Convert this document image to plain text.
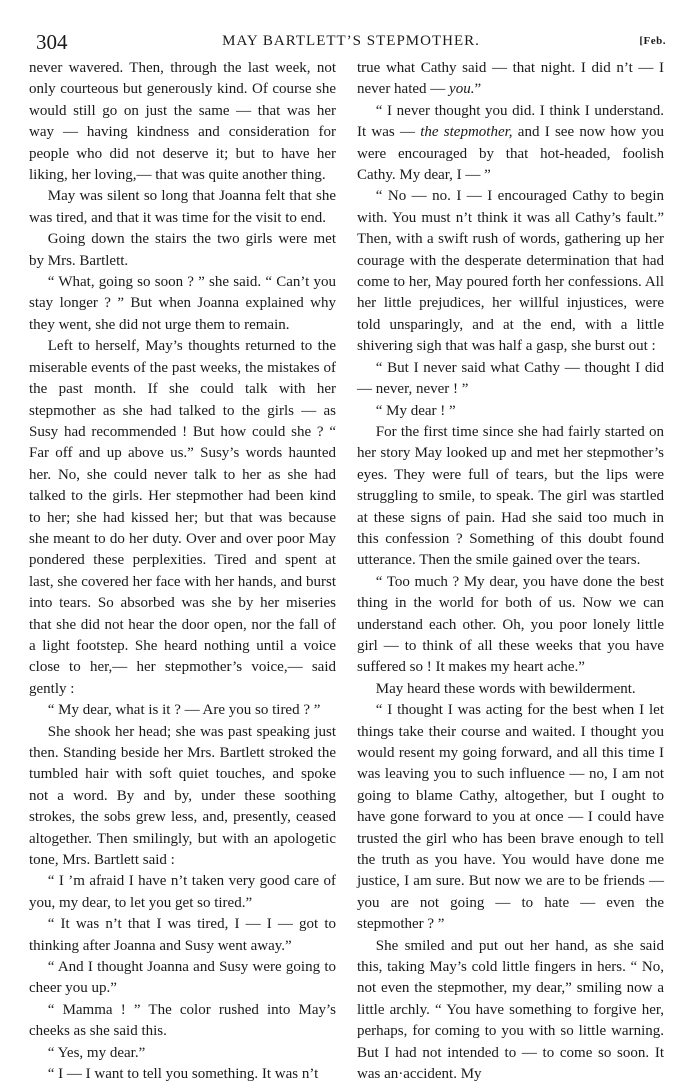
304	MAY BARTLETT’S STEPMOTHER.	[Feb.

never wavered. Then, through the last week, not only courteous but generously kind. Of course she would still go on just the same — that was her way — having kindness and consideration for people who did not deserve it; but to have her liking, her loving,— that was quite another thing.

May was silent so long that Joanna felt that she was tired, and that it was time for the visit to end.

Going down the stairs the two girls were met by Mrs. Bartlett.

“ What, going so soon ? ” she said. “ Can’t you stay longer ? ” But when Joanna explained why they went, she did not urge them to remain.

Left to herself, May’s thoughts returned to the miserable events of the past weeks, the mistakes of the past month. If she could talk with her stepmother as she had talked to the girls — as Susy had recommended ! But how could she ? “ Far off and up above us.” Susy’s words haunted her. No, she could never talk to her as she had talked to the girls. Her stepmother had been kind to her; she had kissed her; but that was because she meant to do her duty. Over and over poor May pondered these perplexities. Tired and spent at last, she covered her face with her hands, and burst into tears. So absorbed was she by her miseries that she did not hear the door open, nor the fall of a light footstep. She heard nothing until a voice close to her,— her stepmother’s voice,— said gently :

“ My dear, what is it ? — Are you so tired ? ”

She shook her head; she was past speaking just then. Standing beside her Mrs. Bartlett stroked the tumbled hair with soft quiet touches, and spoke not a word. By and by, under these soothing strokes, the sobs grew less, and, presently, ceased altogether. Then smilingly, but with an apologetic tone, Mrs. Bartlett said :

“ I ’m afraid I have n’t taken very good care of you, my dear, to let you get so tired.”

“ It was n’t that I was tired, I — I — got to thinking after Joanna and Susy went away.”

“ And I thought Joanna and Susy were going to cheer you up.”

“ Mamma ! ” The color rushed into May’s cheeks as she said this.

“ Yes, my dear.”

“ I — I want to tell you something. It was n’t

true what Cathy said — that night. I did n’t — I never hated — you.”

“ I never thought you did. I think I understand. It was — the stepmother, and I see now how you were encouraged by that hot-headed, foolish Cathy. My dear, I — ”

“ No — no. I — I encouraged Cathy to begin with. You must n’t think it was all Cathy’s fault.” Then, with a swift rush of words, gathering up her courage with the desperate determination that had come to her, May poured forth her confessions. All her little prejudices, her willful injustices, were told unsparingly, and at the end, with a little shivering sigh that was half a gasp, she burst out :

“ But I never said what Cathy — thought I did — never, never ! ”

“ My dear ! ”

For the first time since she had fairly started on her story May looked up and met her stepmother’s eyes. They were full of tears, but the lips were struggling to smile, to speak. The girl was startled at these signs of pain. Had she said too much in this confession ? Something of this doubt found utterance. Then the smile gained over the tears.

“ Too much ? My dear, you have done the best thing in the world for both of us. Now we can understand each other. Oh, you poor lonely little girl — to think of all these weeks that you have suffered so ! It makes my heart ache.”

May heard these words with bewilderment.

“ I thought I was acting for the best when I let things take their course and waited. I thought you would resent my going forward, and all this time I was leaving you to such influence — no, I am not going to blame Cathy, altogether, but I ought to have gone forward to you at once — I could have trusted the girl who has been brave enough to tell the truth as you have. You would have done me justice, I am sure. But now we are to be friends — you are not going — to hate — even the stepmother ? ”

She smiled and put out her hand, as she said this, taking May’s cold little fingers in hers. “ No, not even the stepmother, my dear,” smiling now a little archly. “ You have something to forgive her, perhaps, for coming to you with so little warning. But I had not intended to — to come so soon. It was an·accident. My
